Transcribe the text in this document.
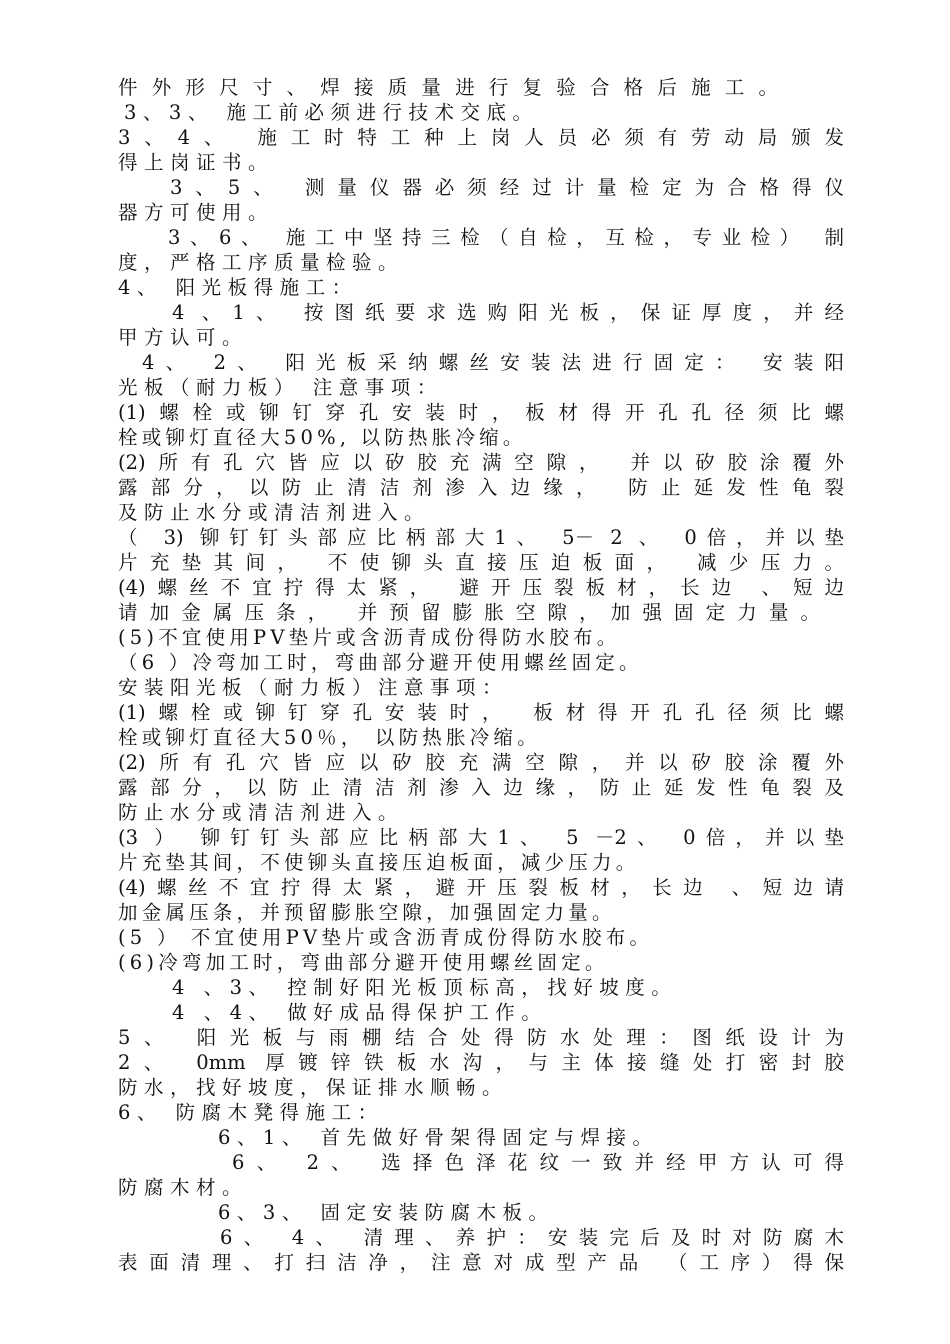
件外形尺寸、焊接质量进行复验合格后施工。
3、3、 施工前必须进行技术交底。
3、4、 施工时特工种上岗人员必须有劳动局颁发
得上岗证书。
3、5、 测量仪器必须经过计量检定为合格得仪
器方可使用。
3、6、 施工中坚持三检（自检，互检，专业检） 制
度，严格工序质量检验。
4、 阳光板得施工：
4 、1、 按图纸要求选购阳光板，保证厚度，并经
甲方认可。
4、 2、 阳光板采纳螺丝安装法进行固定： 安装阳
光板（耐力板） 注意事项：
(1)螺栓或铆钉穿孔安装时，板材得开孔孔径须比螺
栓或铆灯直径大50%, 以防热胀冷缩。
(2)所有孔穴皆应以矽胶充满空隙， 并以矽胶涂覆外
露部分，以防止清洁剂渗入边缘， 防止延发性龟裂
及防止水分或清洁剂进入。
（ 3) 铆钉钉头部应比柄部大1、 5－ 2 、 0倍，并以垫
片充垫其间， 不使铆头直接压迫板面， 减少压力。
(4)螺丝不宜拧得太紧， 避开压裂板材，长边 、短边
请加金属压条， 并预留膨胀空隙，加强固定力量。
(5)不宜使用PV垫片或含沥青成份得防水胶布。
（6 ）冷弯加工时，弯曲部分避开使用螺丝固定。
安装阳光板（耐力板）注意事项：
(1)螺栓或铆钉穿孔安装时， 板材得开孔孔径须比螺
栓或铆灯直径大50％， 以防热胀冷缩。
(2)所有孔穴皆应以矽胶充满空隙，并以矽胶涂覆外
露部分，以防止清洁剂渗入边缘，防止延发性龟裂及
防止水分或清洁剂进入。
(3 ） 铆钉钉头部应比柄部大1、 5 －2、 0倍，并以垫
片充垫其间，不使铆头直接压迫板面，减少压力。
(4)螺丝不宜拧得太紧，避开压裂板材，长边 、短边请
加金属压条，并预留膨胀空隙，加强固定力量。
(5 ） 不宜使用PV垫片或含沥青成份得防水胶布。
(6)冷弯加工时，弯曲部分避开使用螺丝固定。
4 、3、 控制好阳光板顶标高，找好坡度。
4 、4、 做好成品得保护工作。
5、 阳光板与雨棚结合处得防水处理：图纸设计为
2、 0mm 厚镀锌铁板水沟，与主体接缝处打密封胶
防水，找好坡度，保证排水顺畅。
6、 防腐木凳得施工：
6、1、 首先做好骨架得固定与焊接。
6、 2、 选择色泽花纹一致并经甲方认可得
防腐木材。
6、3、 固定安装防腐木板。
6、 4、 清理、养护：安装完后及时对防腐木
表面清理、打扫洁净，注意对成型产品 （工序）得保
